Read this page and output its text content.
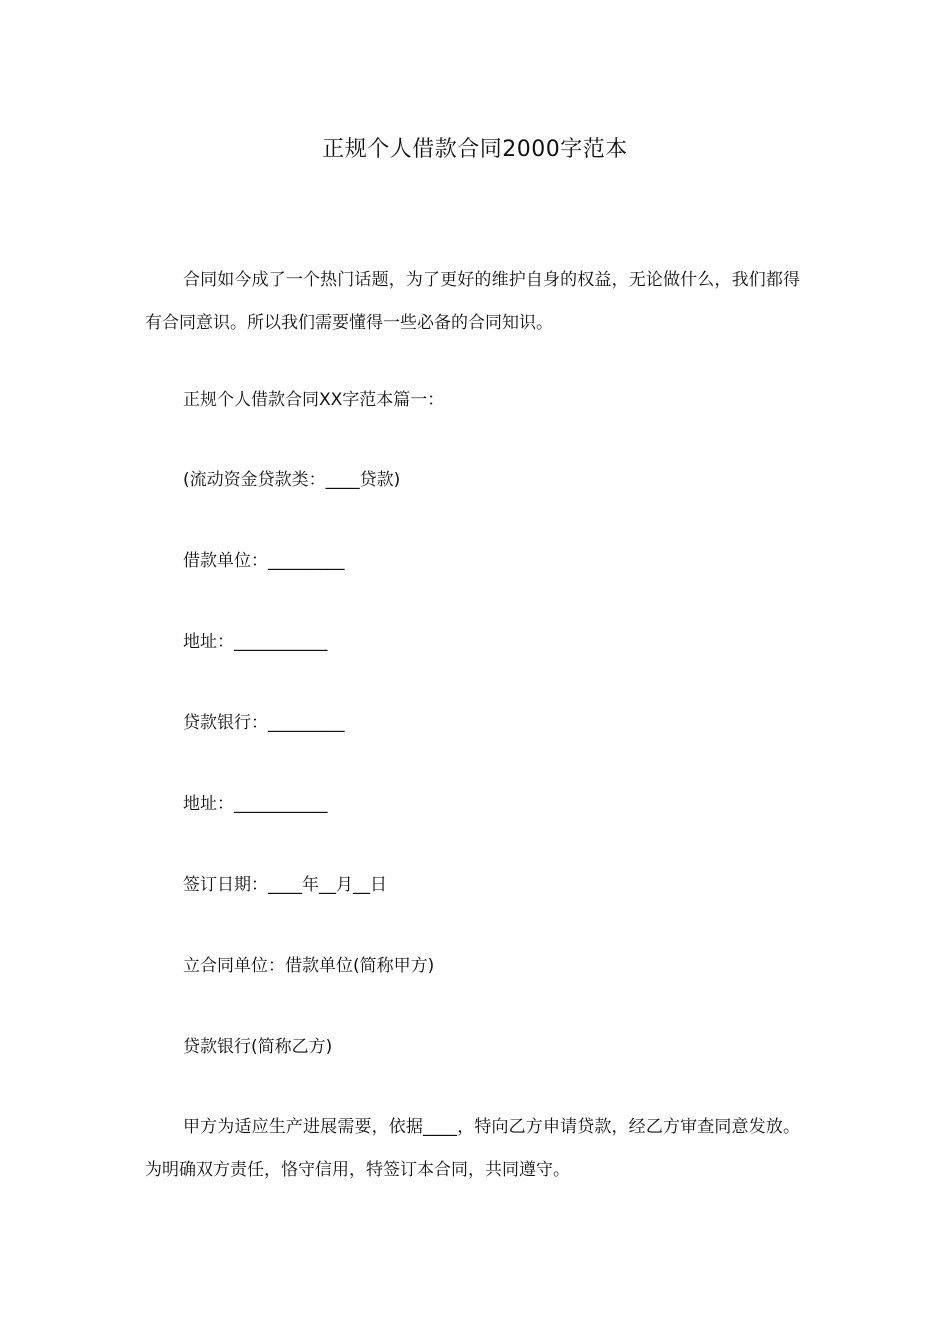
正规个人借款合同2000字范本
合同如今成了一个热门话题，为了更好的维护自身的权益，无论做什么，我们都得有合同意识。所以我们需要懂得一些必备的合同知识。
正规个人借款合同XX字范本篇一：
(流动资金贷款类：____贷款)
借款单位：_________
地址：___________
贷款银行：_________
地址：___________
签订日期：____年__月__日
立合同单位：借款单位(简称甲方)
贷款银行(简称乙方)
甲方为适应生产进展需要，依据____，特向乙方申请贷款，经乙方审查同意发放。为明确双方责任，恪守信用，特签订本合同，共同遵守。
